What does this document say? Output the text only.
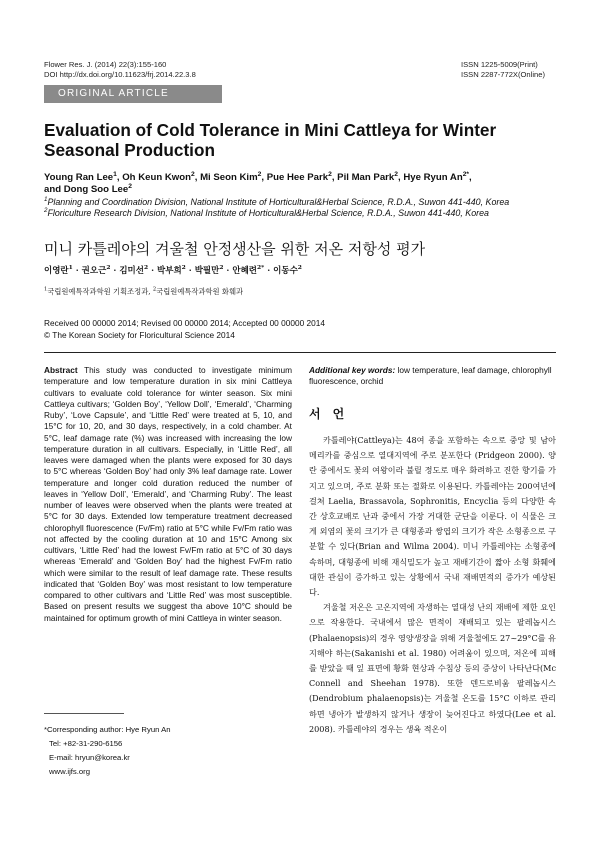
Flower Res. J. (2014) 22(3):155-160
DOI http://dx.doi.org/10.11623/frj.2014.22.3.8
ISSN 1225-5009(Print)
ISSN 2287-772X(Online)
ORIGINAL ARTICLE
Evaluation of Cold Tolerance in Mini Cattleya for Winter Seasonal Production
Young Ran Lee$^1$, Oh Keun Kwon$^2$, Mi Seon Kim$^2$, Pue Hee Park$^2$, Pil Man Park$^2$, Hye Ryun $An^{2*}$,
and Dong Soo Lee$^2$
$^1$Planning and Coordination Division, National Institute of Horticultural&Herbal Science, R.D.A., Suwon 441-440, Korea
$^2$Floriculture Research Division, National Institute of Horticultural&Herbal Science, R.D.A., Suwon 441-440, Korea
미니 카틀레야의 겨울철 안정생산을 위한 저온 저항성 평가
이영란$^1$ · 권오근$^2$ · 김미선$^2$ · 박부희$^2$ · 박필만$^2$ · 안혜련$^{2*}$ · 이동수$^2$
$^1$국립원예특작과학원 기획조정과, $^2$국립원예특작과학원 화훼과
Received 00 00000 2014; Revised 00 00000 2014; Accepted 00 00000 2014
© The Korean Society for Floricultural Science 2014
Abstract This study was conducted to investigate minimum temperature and low temperature duration in six mini Cattleya cultivars to evaluate cold tolerance for winter season. Six mini Cattleya cultivars; ‘Golden Boy’, ‘Yellow Doll’, ‘Emerald’, ‘Charming Ruby’, ‘Love Capsule’, and ‘Little Red’ were treated at 5, 10, and 15°C for 10, 20, and 30 days, respectively, in a cold chamber. At 5°C, leaf damage rate (%) was increased with increasing the low temperature duration in all cultivars. Especially, in ‘Little Red’, all leaves were damaged when the plants were exposed for 30 days to 5°C whereas ‘Golden Boy’ had only 3% leaf damage rate. Lower temperature and longer cold duration reduced the number of leaves in ‘Yellow Doll’, ‘Emerald’, and ‘Charming Ruby’. The least number of leaves were observed when the plants were treated at 5°C for 30 days. Extended low temperature treatment decreased chlorophyll fluorescence (Fv/Fm) ratio at 5°C while Fv/Fm ratio was not affected by the cooling duration at 10 and 15°C Among six cultivars, ‘Little Red’ had the lowest Fv/Fm ratio at 5°C of 30 days whereas ‘Emerald’ and ‘Golden Boy’ had the highest Fv/Fm ratio which were similar to the result of leaf damage rate. These results indicated that ‘Golden Boy’ was most resistant to low temperature compared to other cultivars and ‘Little Red’ was most susceptible. Based on present results we suggest tha above 10°C should be maintained for optimum growth of mini Cattleya in winter season.
*Corresponding author: Hye Ryun An
Tel: +82-31-290-6156
E-mail: hryun@korea.kr
www.ijfs.org
Additional key words: low temperature, leaf damage, chlorophyll fluorescence, orchid
서언

카틀레야(Cattleya)는 48여 종을 포함하는 속으로 중앙 및 남아메리카를 중심으로 열대지역에 주로 분포한다 (Pridgeon 2000). 양란 중에서도 꽃의 여왕이라 불릴 정도로 매우 화려하고 진한 향기를 가지고 있으며, 주로 분화 또는 절화로 이용된다. 카틀레야는 200여년에 걸쳐 Laelia, Brassavola, Sophronitis, Encyclia 등의 다양한 속간 상호교배로 난과 중에서 가장 거대한 군단을 이룬다. 이 식물은 크게 외염의 꽃의 크기가 큰 대형종과 쌍엽의 크기가 작은 소형종으로 구분할 수 있다(Brian and Wilma 2004). 미니 카틀레야는 소형종에 속하며, 대형종에 비해 재식밀도가 높고 재배기간이 짧아 소형 화훼에 대한 관심이 증가하고 있는 상황에서 국내 재배면적의 증가가 예상된다.

겨울철 저온은 고온지역에 자생하는 열대성 난의 재배에 제한 요인으로 작용한다. 국내에서 많은 면적이 재배되고 있는 팔레놉시스(Phalaenopsis)의 경우 영양생장을 위해 겨울철에도 27~29°C를 유지해야 하는(Sakanishi et al. 1980) 어려움이 있으며, 저온에 피해를 받았을 때 잎 표면에 황화 현상과 수침상 등의 증상이 나타난다(Mc Connell and Sheehan 1978). 또한 덴드로비움 팔레놉시스(Dendrobium phalaenopsis)는 겨울철 온도를 15°C 이하로 관리하면 냉아가 발생하지 않거나 생장이 늦어진다고 하였다(Lee et al. 2008). 카틀레야의 경우는 생육 적온이
